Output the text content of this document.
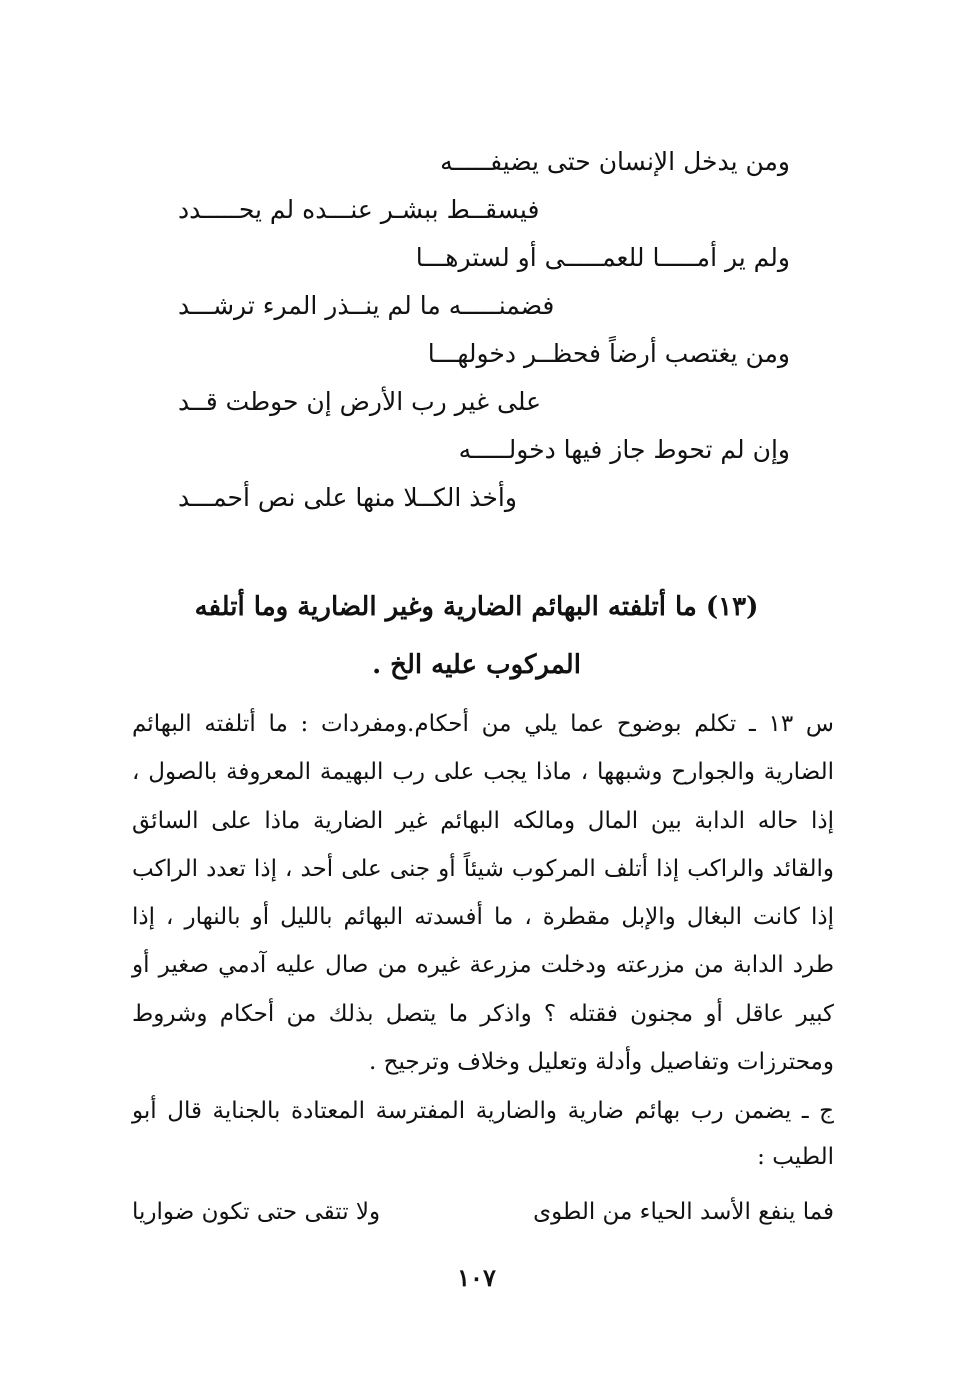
ومن يدخل الإنسان حتى يضيفـــــه
فيسقــط ببشـر عنـــده لم يحـــــدد
ولم ير أمـــــا للعمـــــى أو لسترهـــا
فضمنـــــه ما لم ينــذر المرء ترشـــد
ومن يغتصب أرضاً فحظــر دخولهـــا
على غير رب الأرض إن حوطت قــد
وإن لم تحوط جاز فيها دخولـــــه
وأخذ الكــلا منها على نص أحمـــد
(١٣) ما أتلفته البهائم الضارية وغير الضارية وما أتلفه
المركوب عليه الخ .

س ١٣ ـ تكلم بوضوح عما يلي من أحكام.ومفردات : ما أتلفته البهائم الضارية والجوارح وشبهها ، ماذا يجب على رب البهيمة المعروفة بالصول ، إذا حاله الدابة بين المال ومالكه البهائم غير الضارية ماذا على السائق والقائد والراكب إذا أتلف المركوب شيئاً أو جنى على أحد ، إذا تعدد الراكب إذا كانت البغال والإبل مقطرة ، ما أفسدته البهائم بالليل أو بالنهار ، إذا طرد الدابة من مزرعته ودخلت مزرعة غيره من صال عليه آدمي صغير أو كبير عاقل أو مجنون فقتله ؟ واذكر ما يتصل بذلك من أحكام وشروط ومحترزات وتفاصيل وأدلة وتعليل وخلاف وترجيح .

ج ـ يضمن رب بهائم ضارية والضارية المفترسة المعتادة بالجناية قال أبو الطيب :

فما ينفع الأسد الحياء من الطوى
ولا تتقى حتى تكون ضواريا
١٠٧
